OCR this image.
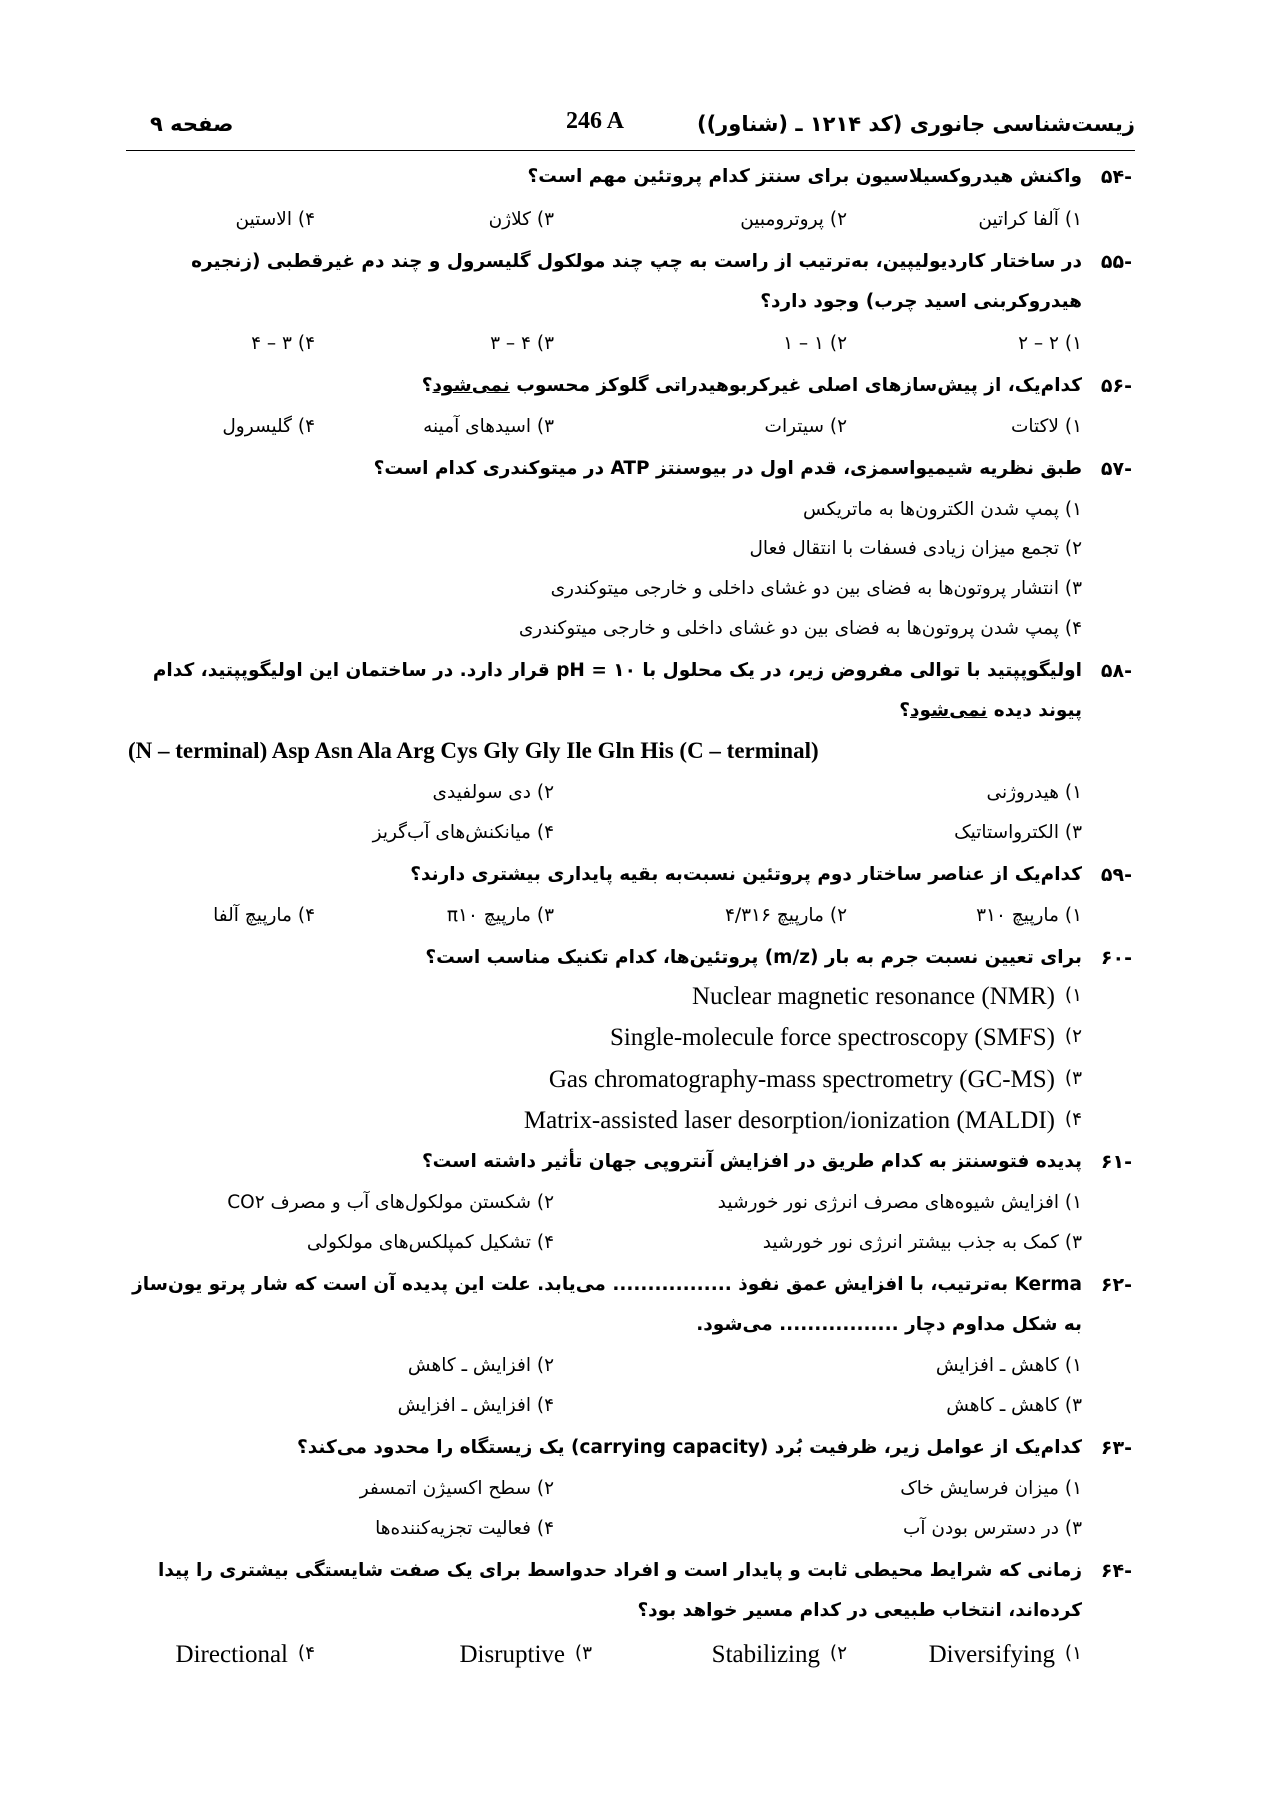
زیست‌شناسی جانوری (کد ۱۲۱۴ ـ (شناور))
246 A
صفحه ۹
۵۴-
واکنش هیدروکسیلاسیون برای سنتز کدام پروتئین مهم است؟
۱) آلفا کراتین
۲) پروترومبین
۳) کلاژن
۴) الاستین
۵۵-
در ساختار کاردیولیپین، به‌ترتیب از راست به چپ چند مولکول گلیسرول و چند دم غیرقطبی (زنجیره
هیدروکربنی اسید چرب) وجود دارد؟
۱) ۲ – ۲
۲) ۱ – ۱
۳) ۴ – ۳
۴) ۳ – ۴
۵۶-
کدام‌یک، از پیش‌سازهای اصلی غیرکربوهیدراتی گلوکز محسوب نمی‌شود؟
۱) لاکتات
۲) سیترات
۳) اسیدهای آمینه
۴) گلیسرول
۵۷-
طبق نظریه شیمیواسمزی، قدم اول در بیوسنتز ATP در میتوکندری کدام است؟
۱) پمپ شدن الکترون‌ها به ماتریکس
۲) تجمع میزان زیادی فسفات با انتقال فعال
۳) انتشار پروتون‌ها به فضای بین دو غشای داخلی و خارجی میتوکندری
۴) پمپ شدن پروتون‌ها به فضای بین دو غشای داخلی و خارجی میتوکندری
۵۸-
اولیگوپپتید با توالی مفروض زیر، در یک محلول با pH = ۱۰ قرار دارد. در ساختمان این اولیگوپپتید، کدام
پیوند دیده نمی‌شود؟
(N – terminal) Asp Asn Ala Arg Cys Gly Gly Ile Gln His (C – terminal)
۱) هیدروژنی
۲) دی سولفیدی
۳) الکترواستاتیک
۴) میانکنش‌های آب‌گریز
۵۹-
کدام‌یک از عناصر ساختار دوم پروتئین نسبت‌به بقیه پایداری بیشتری دارند؟
۱) مارپیچ ۳۱۰
۲) مارپیچ ۴/۳۱۶
۳) مارپیچ π۱۰
۴) مارپیچ آلفا
۶۰-
برای تعیین نسبت جرم به بار (m/z) پروتئین‌ها، کدام تکنیک مناسب است؟
۱)
Nuclear magnetic resonance (NMR)
۲)
Single-molecule force spectroscopy (SMFS)
۳)
Gas chromatography-mass spectrometry (GC-MS)
۴)
Matrix-assisted laser desorption/ionization (MALDI)
۶۱-
پدیده فتوسنتز به کدام طریق در افزایش آنتروپی جهان تأثیر داشته است؟
۱) افزایش شیوه‌های مصرف انرژی نور خورشید
۲) شکستن مولکول‌های آب و مصرف CO۲
۳) کمک به جذب بیشتر انرژی نور خورشید
۴) تشکیل کمپلکس‌های مولکولی
۶۲-
Kerma به‌ترتیب، با افزایش عمق نفوذ ................. می‌یابد. علت این پدیده آن است که شار پرتو یون‌ساز
به شکل مداوم دچار ................. می‌شود.
۱) کاهش ـ افزایش
۲) افزایش ـ کاهش
۳) کاهش ـ کاهش
۴) افزایش ـ افزایش
۶۳-
کدام‌یک از عوامل زیر، ظرفیت بُرد (carrying capacity) یک زیستگاه را محدود می‌کند؟
۱) میزان فرسایش خاک
۲) سطح اکسیژن اتمسفر
۳) در دسترس بودن آب
۴) فعالیت تجزیه‌کننده‌ها
۶۴-
زمانی که شرایط محیطی ثابت و پایدار است و افراد حدواسط برای یک صفت شایستگی بیشتری را پیدا
کرده‌اند، انتخاب طبیعی در کدام مسیر خواهد بود؟
۱)
Diversifying
۲)
Stabilizing
۳)
Disruptive
۴)
Directional
